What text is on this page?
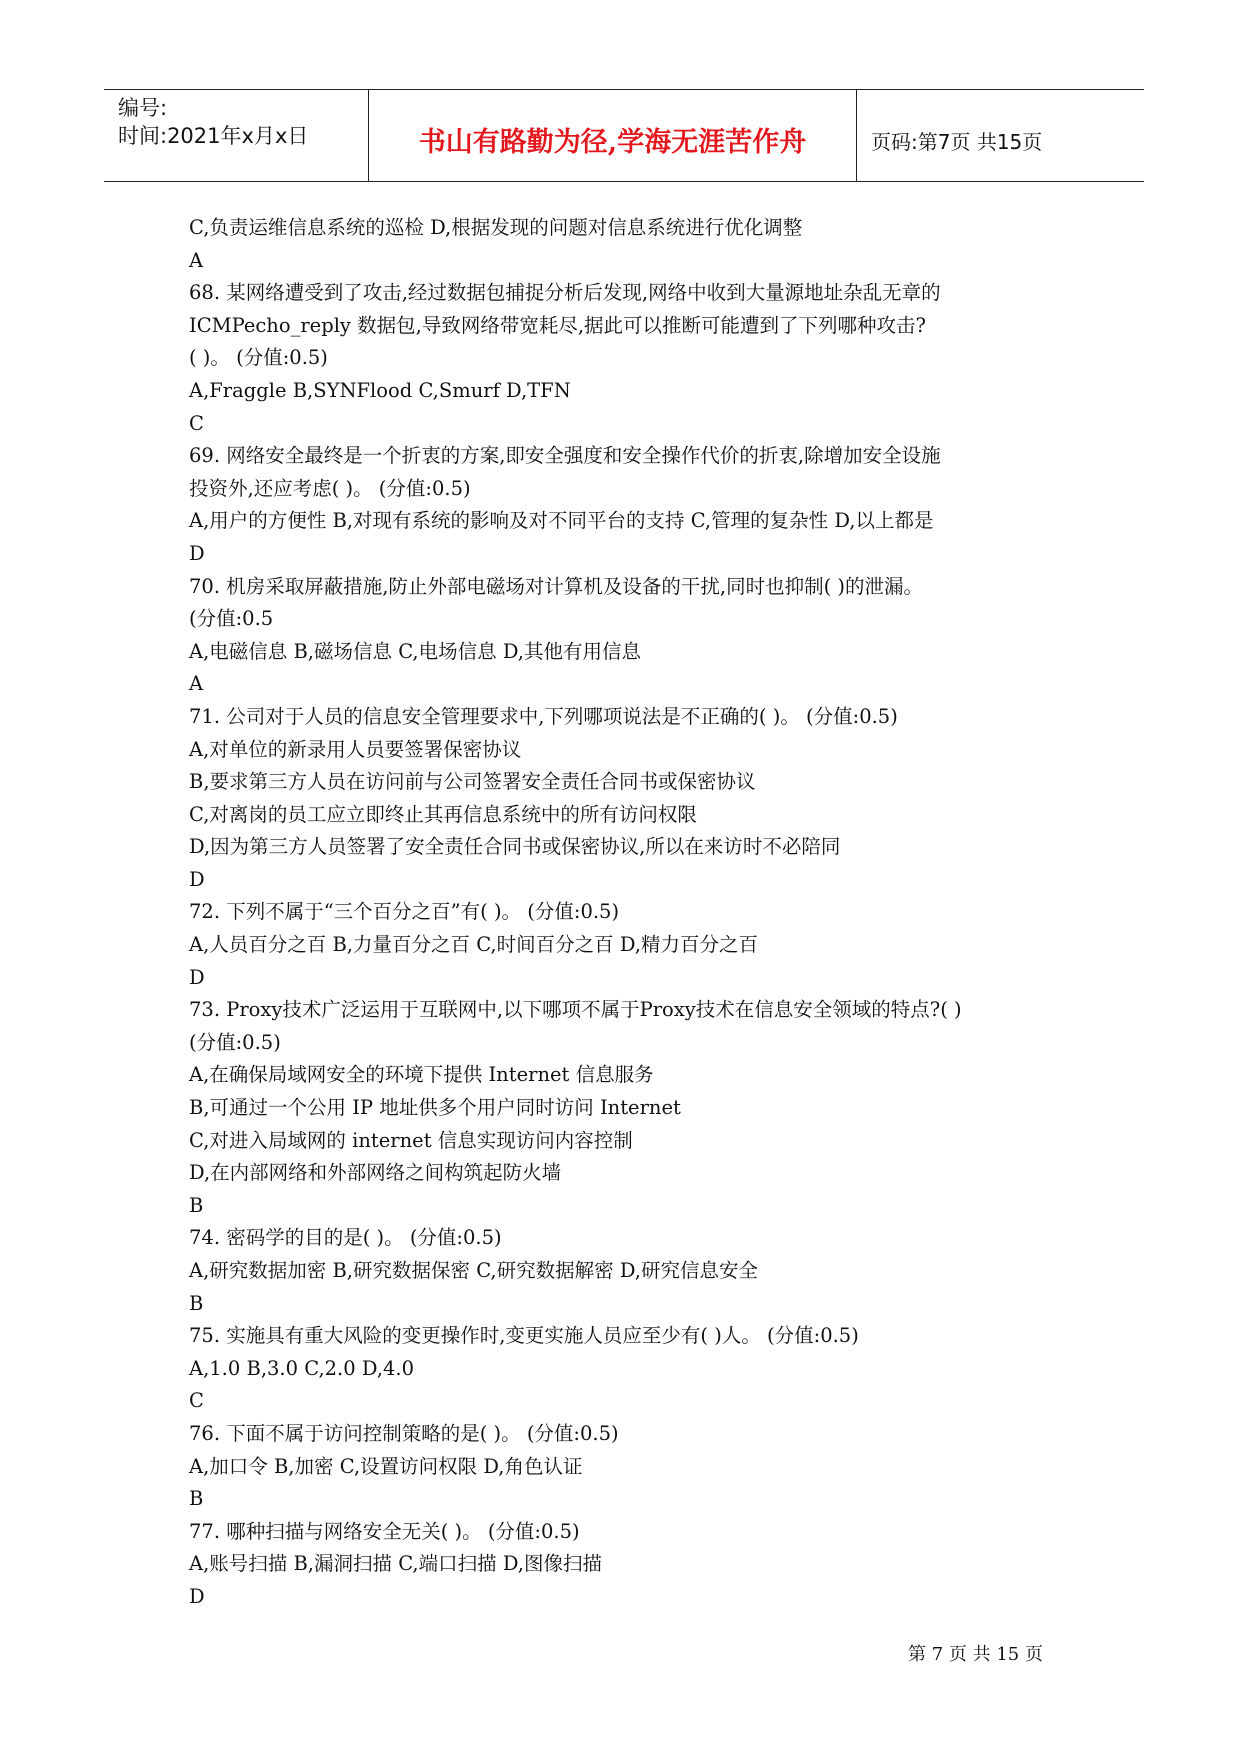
编号:
时间:2021年x月x日	书山有路勤为径,学海无涯苦作舟	页码:第7页 共15页
C,负责运维信息系统的巡检 D,根据发现的问题对信息系统进行优化调整
A
68. 某网络遭受到了攻击,经过数据包捕捉分析后发现,网络中收到大量源地址杂乱无章的
ICMPecho_reply 数据包,导致网络带宽耗尽,据此可以推断可能遭到了下列哪种攻击?
( )。 (分值:0.5)
A,Fraggle B,SYNFlood C,Smurf D,TFN
C
69. 网络安全最终是一个折衷的方案,即安全强度和安全操作代价的折衷,除增加安全设施
投资外,还应考虑( )。 (分值:0.5)
A,用户的方便性 B,对现有系统的影响及对不同平台的支持 C,管理的复杂性 D,以上都是
D
70. 机房采取屏蔽措施,防止外部电磁场对计算机及设备的干扰,同时也抑制( )的泄漏。
(分值:0.5
A,电磁信息 B,磁场信息 C,电场信息 D,其他有用信息
A
71. 公司对于人员的信息安全管理要求中,下列哪项说法是不正确的( )。 (分值:0.5)
A,对单位的新录用人员要签署保密协议
B,要求第三方人员在访问前与公司签署安全责任合同书或保密协议
C,对离岗的员工应立即终止其再信息系统中的所有访问权限
D,因为第三方人员签署了安全责任合同书或保密协议,所以在来访时不必陪同
D
72. 下列不属于“三个百分之百”有( )。 (分值:0.5)
A,人员百分之百 B,力量百分之百 C,时间百分之百 D,精力百分之百
D
73. Proxy技术广泛运用于互联网中,以下哪项不属于Proxy技术在信息安全领域的特点?( )
(分值:0.5)
A,在确保局域网安全的环境下提供 Internet 信息服务
B,可通过一个公用 IP 地址供多个用户同时访问 Internet
C,对进入局域网的 internet 信息实现访问内容控制
D,在内部网络和外部网络之间构筑起防火墙
B
74. 密码学的目的是( )。 (分值:0.5)
A,研究数据加密 B,研究数据保密 C,研究数据解密 D,研究信息安全
B
75. 实施具有重大风险的变更操作时,变更实施人员应至少有( )人。 (分值:0.5)
A,1.0 B,3.0 C,2.0 D,4.0
C
76. 下面不属于访问控制策略的是( )。 (分值:0.5)
A,加口令 B,加密 C,设置访问权限 D,角色认证
B
77. 哪种扫描与网络安全无关( )。 (分值:0.5)
A,账号扫描 B,漏洞扫描 C,端口扫描 D,图像扫描
D
第 7 页 共 15 页
